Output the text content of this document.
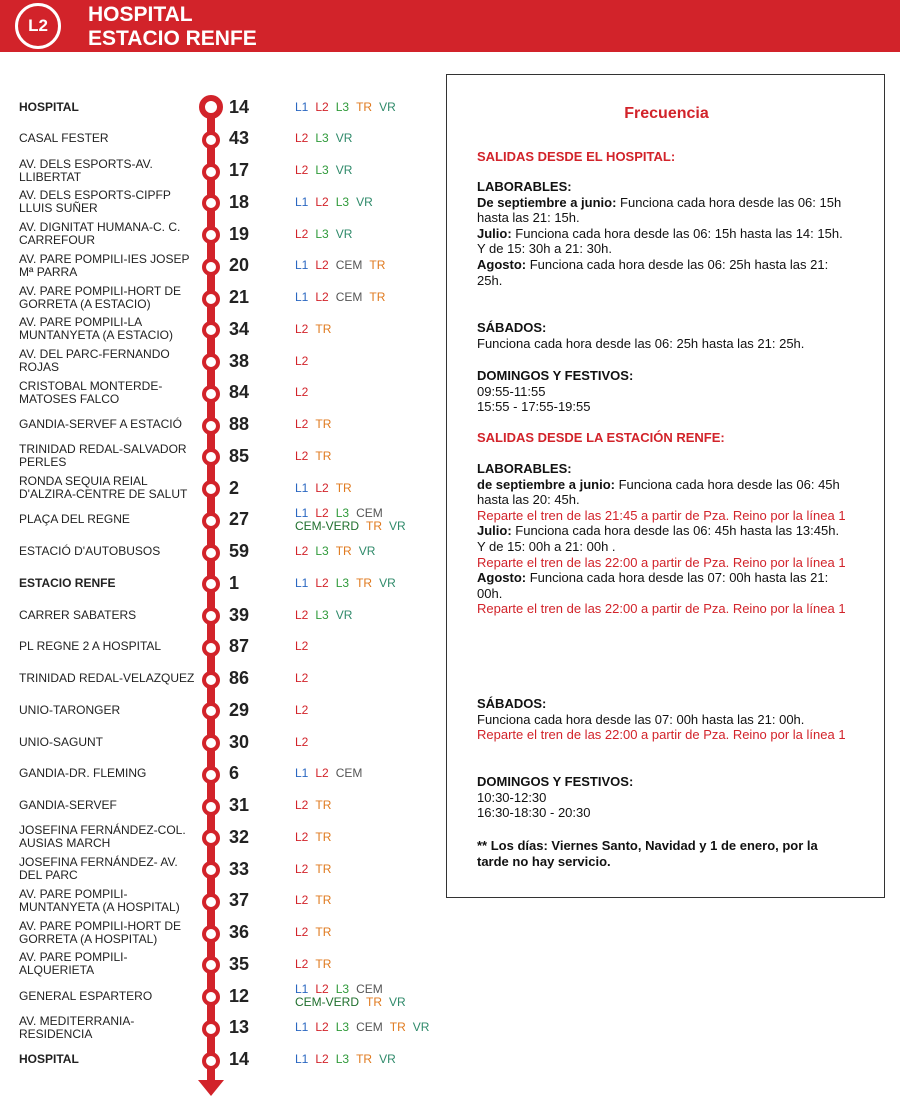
L2	HOSPITAL
ESTACIO RENFE
HOSPITAL	14	L1 L2 L3 TR VR
CASAL FESTER	43	L2 L3 VR
AV. DELS ESPORTS-AV. LLIBERTAT	17	L2 L3 VR
AV. DELS ESPORTS-CIPFP LLUIS SUÑER	18	L1 L2 L3 VR
AV. DIGNITAT HUMANA-C. C. CARREFOUR	19	L2 L3 VR
AV. PARE POMPILI-IES JOSEP Mª PARRA	20	L1 L2 CEM TR
AV. PARE POMPILI-HORT DE GORRETA (A ESTACIO)	21	L1 L2 CEM TR
AV. PARE POMPILI-LA MUNTANYETA (A ESTACIO)	34	L2 TR
AV. DEL PARC-FERNANDO ROJAS	38	L2
CRISTOBAL MONTERDE-MATOSES FALCO	84	L2
GANDIA-SERVEF A ESTACIÓ	88	L2 TR
TRINIDAD REDAL-SALVADOR PERLES	85	L2 TR
RONDA SEQUIA REIAL D'ALZIRA-CENTRE DE SALUT	2	L1 L2 TR
PLAÇA DEL REGNE	27	L1 L2 L3 CEM
CEM-VERD TR VR
ESTACIÓ D'AUTOBUSOS	59	L2 L3 TR VR
ESTACIO RENFE	1	L1 L2 L3 TR VR
CARRER SABATERS	39	L2 L3 VR
PL REGNE 2 A HOSPITAL	87	L2
TRINIDAD REDAL-VELAZQUEZ	86	L2
UNIO-TARONGER	29	L2
UNIO-SAGUNT	30	L2
GANDIA-DR. FLEMING	6	L1 L2 CEM
GANDIA-SERVEF	31	L2 TR
JOSEFINA FERNÁNDEZ-COL. AUSIAS MARCH	32	L2 TR
JOSEFINA FERNÁNDEZ- AV. DEL PARC	33	L2 TR
AV. PARE POMPILI-MUNTANYETA (A HOSPITAL)	37	L2 TR
AV. PARE POMPILI-HORT DE GORRETA (A HOSPITAL)	36	L2 TR
AV. PARE POMPILI-ALQUERIETA	35	L2 TR
GENERAL ESPARTERO	12	L1 L2 L3 CEM
CEM-VERD TR VR
AV. MEDITERRANIA-RESIDENCIA	13	L1 L2 L3 CEM TR VR
HOSPITAL	14	L1 L2 L3 TR VR
Frecuencia
SALIDAS DESDE EL HOSPITAL:
LABORABLES:
De septiembre a junio: Funciona cada hora desde las 06: 15h hasta las 21: 15h.
Julio: Funciona cada hora desde las 06: 15h hasta las 14: 15h.
Y de 15: 30h a 21: 30h.
Agosto: Funciona cada hora desde las 06: 25h hasta las 21: 25h.
SÁBADOS:
Funciona cada hora desde las 06: 25h hasta las 21: 25h.
DOMINGOS Y FESTIVOS:
09:55-11:55
15:55 - 17:55-19:55
SALIDAS DESDE LA ESTACIÓN RENFE:
LABORABLES:
de septiembre a junio: Funciona cada hora desde las 06: 45h hasta las 20: 45h.
Reparte el tren de las 21:45 a partir de Pza. Reino por la línea 1
Julio: Funciona cada hora desde las 06: 45h hasta las 13:45h.
Y de 15: 00h a 21: 00h .
Reparte el tren de las 22:00 a partir de Pza. Reino por la línea 1
Agosto: Funciona cada hora desde las 07: 00h hasta las 21: 00h.
Reparte el tren de las 22:00 a partir de Pza. Reino por la línea 1
SÁBADOS:
Funciona cada hora desde las 07: 00h hasta las 21: 00h.
Reparte el tren de las 22:00 a partir de Pza. Reino por la línea 1
DOMINGOS Y FESTIVOS:
10:30-12:30
16:30-18:30 - 20:30
** Los días: Viernes Santo, Navidad y 1 de enero, por la tarde no hay servicio.
